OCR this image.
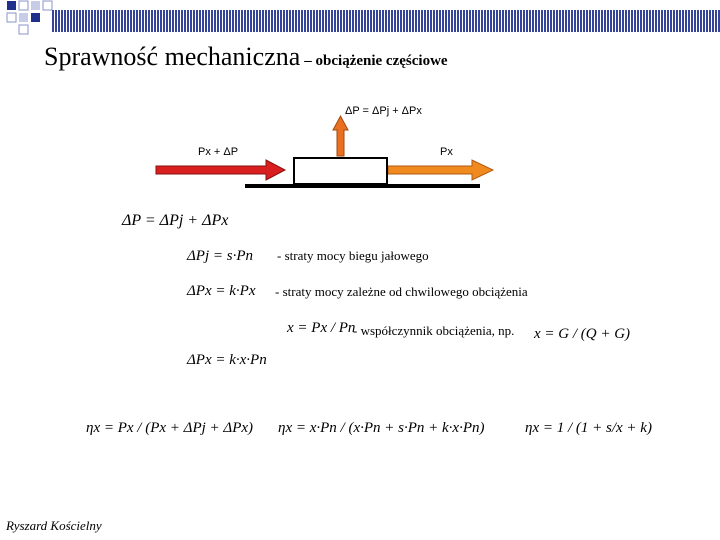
Sprawność mechaniczna – obciążenie częściowe
ΔP = ΔPj + ΔPx
Px + ΔP	Px
ΔP = ΔPj + ΔPx
ΔPj = s·Pn - straty mocy biegu jałowego
ΔPx = k·Px - straty mocy zależne od chwilowego obciążenia
x = Px / Pn
- współczynnik obciążenia, np. x = G / (Q + G)
ΔPx = k·x·Pn
ηx = Px / (Px + ΔPj + ΔPx) ηx = x·Pn / (x·Pn + s·Pn + k·x·Pn)	ηx = 1 / (1 + s/x + k)
Ryszard Kościelny
